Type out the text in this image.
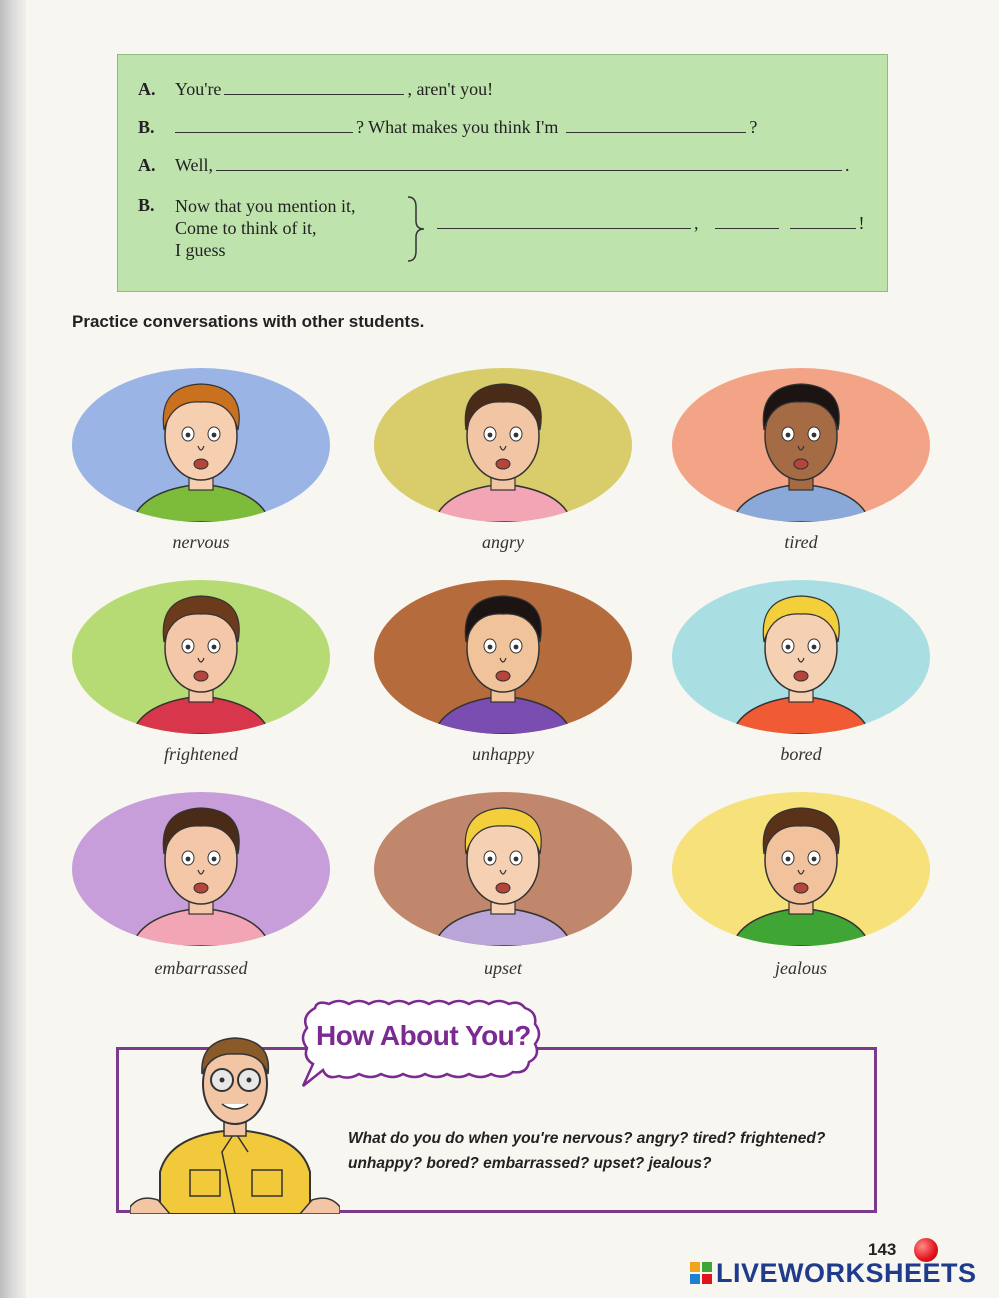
A.	You're	, aren't you!
B.	? What makes you think I'm	?
A.	Well,	.
B.	Now that you mention it,
Come to think of it,
I guess
,	!
Practice conversations with other students.
nervous	angry	tired
frightened	unhappy	bored
embarrassed	upset	jealous
How About You?
What do you do when you're nervous? angry? tired? frightened?
unhappy? bored? embarrassed? upset? jealous?
143
LIVEWORKSHEETS
